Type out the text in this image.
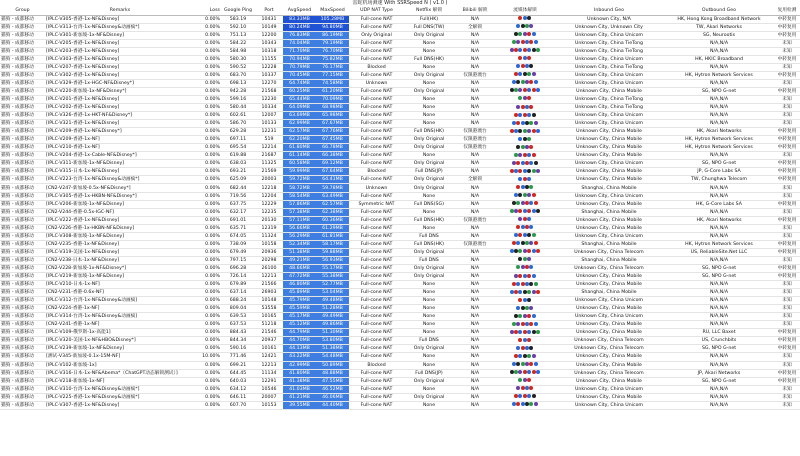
雷蛇机场测速 With SSRSpeed N ( v1.0 )
Group	Remarks	Loss	Google Ping	Port	AvgSpeed	MaxSpeed	UDP NAT Type	Netflix 解锁	Bilibili 解锁	流媒体解锁	Inbound Geo	Outbound Geo	复用检测
猫狗 - 成都移动	[IPLC-V305-香港-1x-NF&Disney]	0.00%	583.19	10431	83.33MB	105.28MB	Full-cone NAT	Full(HK)	N/A		Unknown City, N/A	HK, Hong Kong Broadband Network	中转复用
猫狗 - 成都移动	[IPLC-V313-台湾-1x-NF&Disney&动画疯*]	0.00%	592.10	10149	80.24MB	94.80MB	Full-cone NAT	Full DNS(TW)	全解锁		Unknown City, Unknown City	TW, Akari Networks	中转复用
猫狗 - 成都移动	[IPLC-V301-新加坡-1x-NF&Disney]	0.00%	751.13	12200	76.83MB	86.19MB	Only Original	Only Original	N/A		Unknown City, China Unicom	SG, Neurootis	中转复用
猫狗 - 成都移动	[IPLC-V205-香港-1x-NF&Disney]	0.00%	584.22	10343	74.04MB	79.19MB	Full-cone NAT	None	N/A		Unknown City, China TieTong	N/A,N/A	未知
猫狗 - 成都移动	[IPLC-V203-香港-1x-NF&Disney]	0.00%	584.98	10318	71.70MB	76.70MB	Full-cone NAT	None	N/A		Unknown City, China TieTong	N/A,N/A	未知
猫狗 - 成都移动	[IPLC-V303-香港-1x-NF&Disney]	0.00%	580.30	11155	70.94MB	75.82MB	Full-cone NAT	Full DNS(HK)	N/A		Unknown City, China Unicom	HK, HKIC Broadband	中转复用
猫狗 - 成都移动	[IPLC-V207-香港-1x-NF&Disney]	0.00%	590.52	12228	70.79MB	76.17MB	Blocked	None	N/A		Unknown City, China TieTong	N/A,N/A	未知
猫狗 - 成都移动	[IPLC-V302-香港-1x-NF&Disney]	0.00%	683.70	10337	70.45MB	77.15MB	Full-cone NAT	Only Original	仅限港澳台		Unknown City, China Unicom	HK, Hytron Network Services	中转复用
猫狗 - 成都移动	[IPLC-V329-香港-1x-HGC-NF&Disney*]	0.00%	698.13	12270	64.74MB	74.58MB	Unknown	None	N/A		Unknown City, China Unicom	N/A,N/A	未知
猫狗 - 成都移动	[IPLC-V220-新加坡-1x-NF&Disney*]	0.00%	942.28	21568	60.25MB	61.20MB	Full-cone NAT	Only Original	N/A		Unknown City, China Mobile	SG, NPO G-net	中转复用
猫狗 - 成都移动	[IPLC-V201-香港-1x-NF&Disney]	0.00%	599.16	12230	65.44MB	70.09MB	Full-cone NAT	None	N/A		Unknown City, China TieTong	N/A,N/A	未知
猫狗 - 成都移动	[IPLC-V202-香港-1x-NF&Disney]	0.00%	580.44	10334	64.09MB	68.98MB	Full-cone NAT	None	N/A		Unknown City, China TieTong	N/A,N/A	未知
猫狗 - 成都移动	[IPLC-V326-香港-1x-HKT-NF&Disney*]	0.00%	602.61	12007	63.69MB	65.98MB	Full-cone NAT	None	N/A		Unknown City, China Unicom	N/A,N/A	未知
猫狗 - 成都移动	[IPLC-V321-香港-1x-NF&Disney]	0.00%	586.70	10133	62.99MB	67.67MB	Full-cone NAT	None	N/A		Unknown City, China Unicom	N/A,N/A	未知
猫狗 - 成都移动	[IPLC-V209-香港-1x-NF&Disney*]	0.00%	629.28	12231	62.57MB	67.76MB	Full-cone NAT	Full DNS(HK)	仅限港澳台		Unknown City, China Mobile	HK, Akari Networks	中转复用
猫狗 - 成都移动	[IPLC-V209-香港-1x-NF]	0.00%	697.11	519	62.20MB	67.45MB	Full-cone NAT	Only Original	仅限港澳台		Unknown City, China Mobile	HK, Hytron Network Services	中转复用
猫狗 - 成都移动	[IPLC-V210-香港-1x-NF]	0.00%	695.54	12214	61.80MB	66.78MB	Full-cone NAT	Only Original	仅限港澳台		Unknown City, China Mobile	HK, Hytron Network Services	中转复用
猫狗 - 成都移动	[IPLC-V204-香港-1x-Cable-NF&Disney*]	0.00%	619.88	21687	61.14MB	66.38MB	Full-cone NAT	None	N/A		Unknown City, China Mobile	N/A,N/A	未知
猫狗 - 成都移动	[IPLC-V311-新加坡-1x-NF&Disney]	0.00%	638.03	11325	60.58MB	69.12MB	Full-cone NAT	Only Original	N/A		Unknown City, China Unicom	SG, NPO G-net	中转复用
猫狗 - 成都移动	[IPLC-V315-日本-1x-NF&Disney]	0.00%	693.21	21569	59.99MB	67.64MB	Blocked	Full DNS(JP)	N/A		Unknown City, China Mobile	JP, G-Core Labs SA	中转复用
猫狗 - 成都移动	[IPLC-V223-台湾-1x-NF&Disney&动画疯*]	0.00%	625.09	20003	59.72MB	64.41MB	Full-cone NAT	Only Original	全解锁		Unknown City, China Mobile	TW, Chunghwa Telecom	中转复用
猫狗 - 成都移动	[CN2-V247-新加坡-0.5x-NF&Disney*]	0.00%	682.44	12218	58.72MB	59.78MB	Unknown	Only Original	N/A		Shanghai, China Mobile	N/A,N/A	未知
猫狗 - 成都移动	[IPLC-V305-香港-1x-HKBN-NF&Disney*]	0.00%	719.56	12204	58.54MB	63.49MB	Full-cone NAT	None	N/A		Unknown City, China Unicom	N/A,N/A	未知
猫狗 - 成都移动	[IPLC-V206-新加坡-1x-NF&Disney]	0.00%	637.75	12229	57.86MB	62.57MB	Symmetric NAT	Full DNS(SG)	N/A		Unknown City, China Mobile	HK, G-Core Labs SA	中转复用
猫狗 - 成都移动	[CN2-V244-香港-0.5x-IGC-NF]	0.00%	632.17	12235	57.38MB	62.38MB	Full-cone NAT	None	N/A		Shanghai, China Mobile	N/A,N/A	未知
猫狗 - 成都移动	[IPLC-V222-香港-1x-NF&Disney]	0.00%	691.01	20130	57.11MB	60.36MB	Full-cone NAT	Full DNS(HK)	仅限港澳台		Unknown City, China Mobile	HK, Akari Networks	中转复用
猫狗 - 成都移动	[CN2-V226-香港-1x-HKBN-NF&Disney]	0.00%	635.71	12319	56.66MB	61.29MB	Full-cone NAT	None	N/A		Unknown City, China Mobile	N/A,N/A	未知
猫狗 - 成都移动	[IPLC-V308-新加坡-1x-NF&Disney]	0.00%	674.05	11324	56.29MB	61.81MB	Full-cone NAT	Full DNS	N/A		Unknown City, China Unicom	N/A,N/A	未知
猫狗 - 成都移动	[CN2-V235-香港-1x-NF&Disney]	0.00%	738.09	10158	52.34MB	58.17MB	Full-cone NAT	Full DNS(HK)	仅限港澳台		Shanghai, China Mobile	HK, Hytron Network Services	中转复用
猫狗 - 成都移动	[IPLC-V319-美国-1x-NF&Disney]	0.00%	679.49	20936	51.38MB	59.88MB	Full-cone NAT	Only Original	N/A		Unknown City, China Telecom	US, ReliableSite.Net LLC	中转复用
猫狗 - 成都移动	[CN2-V238-日本-1x-NF&Disney]	0.00%	797.15	20298	49.21MB	56.93MB	Full-cone NAT	Full DNS	N/A		Shanghai, China Mobile	N/A,N/A	未知
猫狗 - 成都移动	[CN2-V228-新加坡-1x-NF&Disney*]	0.00%	696.28	26100	48.66MB	55.17MB	Full-cone NAT	Only Original	N/A		Unknown City, China Telecom	SG, NPO G-net	中转复用
猫狗 - 成都移动	[IPLC-V219-新加坡-1x-NF&Disney]	0.00%	726.14	12213	47.72MB	55.38MB	Full-cone NAT	Only Original	N/A		Unknown City, China Mobile	SG, NPO G-net	中转复用
猫狗 - 成都移动	[IPLC-V210-日本-1x-NF]	0.00%	679.89	21566	46.80MB	52.77MB	Full-cone NAT	None	N/A		Unknown City, China Mobile	N/A,N/A	未知
猫狗 - 成都移动	[CN2-V231-香港-0.6x-NF]	0.00%	637.14	26903	45.89MB	53.04MB	Full-cone NAT	None	N/A		Shanghai, China Mobile	N/A,N/A	未知
猫狗 - 成都移动	[IPLC-V312-台湾-1x-NF&Disney&动画疯]	0.00%	688.24	10148	45.79MB	49.48MB	Full-cone NAT	None	N/A		Unknown City, China Unicom	N/A,N/A	未知
猫狗 - 成都移动	[CN2-V224-香港-1x-NF]	0.00%	809.04	53558	45.59MB	51.28MB	Full-cone NAT	None	N/A		Unknown City, China Mobile	N/A,N/A	未知
猫狗 - 成都移动	[IPLC-V314-台湾-1x-NF&Disney&动画疯]	0.00%	639.53	10165	45.17MB	49.49MB	Full-cone NAT	None	N/A		Unknown City, China Unicom	N/A,N/A	未知
猫狗 - 成都移动	[CN2-V241-香港-1x-NF]	0.00%	637.53	51218	45.12MB	49.86MB	Full-cone NAT	None	N/A		Unknown City, China Mobile	N/A,N/A	未知
猫狗 - 成都移动	[IPLC-V109-俄罗斯-1x-高能1]	0.00%	884.43	21546	44.79MB	51.30MB	Full-cone NAT	None	N/A		Unknown City, China Mobile	RU, LLC Baxet	中转复用
猫狗 - 成都移动	[IPLC-V320-美国-1x-NF&HBO&Disney*]	0.00%	844.34	20937	44.70MB	53.80MB	Full-cone NAT	Full DNS	N/A		Unknown City, China Telecom	US, Crunchbits	中转复用
猫狗 - 成都移动	[IPLC-V239-新加坡-1x-NF&Disney]	0.00%	590.16	10161	44.13MB	51.38MB	Full-cone NAT	Only Original	N/A		Unknown City, China Telecom	SG, NPO G-net	中转复用
猫狗 - 成都移动	[测试-V345-新加坡-0.1x-15M-NF]	10.00%	771.46	12421	43.22MB	54.48MB	Full-cone NAT	None	N/A		Unknown City, China Mobile	N/A,N/A	未知
猫狗 - 成都移动	[IPLC-V102-新加坡-1x]	0.00%	699.21	12213	42.99MB	50.89MB	Blocked	None	N/A		Unknown City, China Mobile	N/A,N/A	未知
猫狗 - 成都移动	[IPLC-V316-日本-1x-NF&Abema*（ChatGPT动态解锁测试）]	0.00%	644.45	11134	41.80MB	48.88MB	Full-cone NAT	Full DNS(JP)	N/A		Unknown City, China Telecom	JP, Akari Networks	中转复用
猫狗 - 成都移动	[IPLC-V218-新加坡-1x-NF]	0.00%	640.03	12291	41.38MB	47.55MB	Full-cone NAT	Only Original	N/A		Unknown City, China Mobile	SG, NPO G-net	中转复用
猫狗 - 成都移动	[IPLC-V310-台湾-1x-NF&Disney&动画疯*]	0.00%	634.12	10546	41.03MB	46.52MB	Full-cone NAT	None	N/A		Unknown City, China Unicom	N/A,N/A	未知
猫狗 - 成都移动	[IPLC-V225-香港-1x-NF&Disney&动画疯*]	0.00%	646.11	20007	41.21MB	46.06MB	Full-cone NAT	Only Original	N/A		Unknown City, China Mobile	N/A,N/A	未知
猫狗 - 成都移动	[IPLC-V307-香港-1x-NF&Disney]	0.00%	607.70	10153	39.55MB	44.40MB	Full-cone NAT	None	N/A		Unknown City, China Unicom	N/A,N/A	未知
